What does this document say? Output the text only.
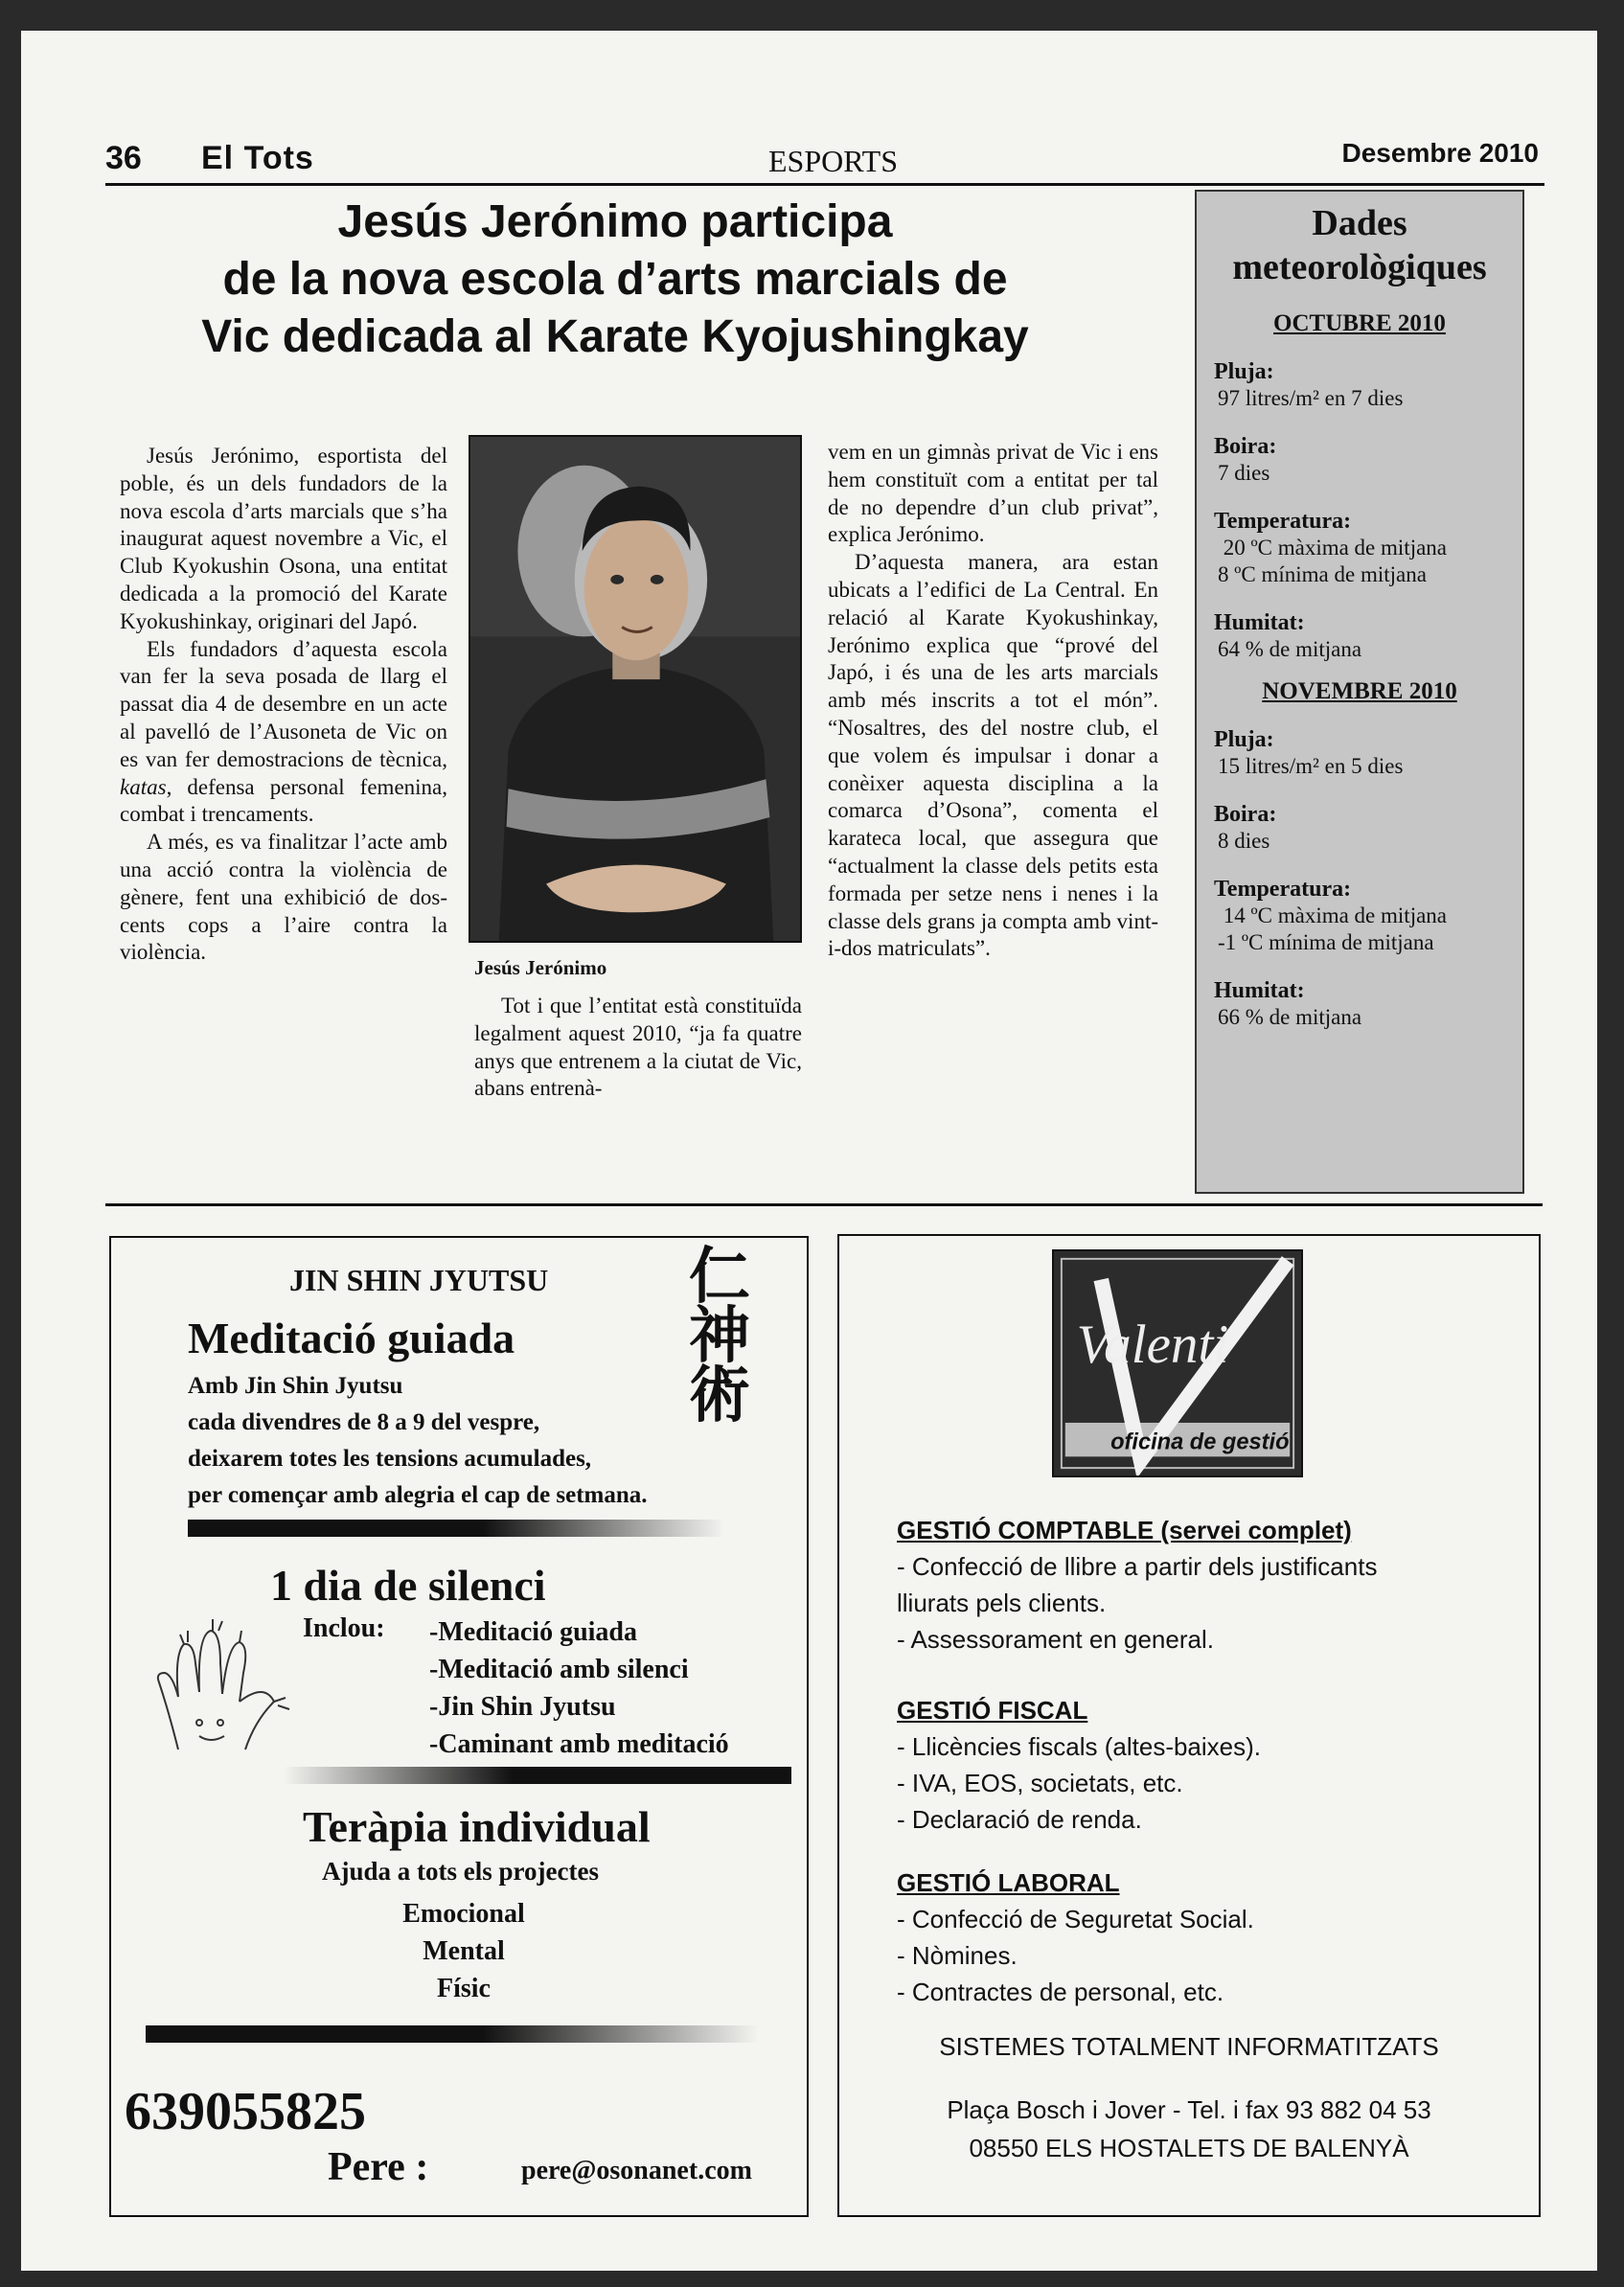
36 El Tots	ESPORTS	Desembre 2010
Jesús Jerónimo participa
de la nova escola d’arts marcials de
Vic dedicada al Karate Kyojushingkay

Jesús Jerónimo, esportista del poble, és un dels fundadors de la nova escola d’arts marcials que s’ha inaugurat aquest novembre a Vic, el Club Kyokushin Osona, una entitat dedicada a la promoció del Karate Kyokushinkay, originari del Japó.

Els fundadors d’aquesta escola van fer la seva posada de llarg el passat dia 4 de desembre en un acte al pavelló de l’Ausoneta de Vic on es van fer demostracions de tècnica, katas, defensa personal femenina, combat i trencaments.

A més, es va finalitzar l’acte amb una acció contra la violència de gènere, fent una exhibició de dos-cents cops a l’aire contra la violència.

Jesús Jerónimo

Tot i que l’entitat està constituïda legalment aquest 2010, “ja fa quatre anys que entrenem a la ciutat de Vic, abans entrenà-

vem en un gimnàs privat de Vic i ens hem constituït com a entitat per tal de no dependre d’un club privat”, explica Jerónimo.

D’aquesta manera, ara estan ubicats a l’edifici de La Central. En relació al Karate Kyokushinkay, Jerónimo explica que “prové del Japó, i és una de les arts marcials amb més inscrits a tot el món”. “Nosaltres, des del nostre club, el que volem és impulsar i donar a conèixer aquesta disciplina a la comarca d’Osona”, comenta el karateca local, que assegura que “actualment la classe dels petits esta formada per setze nens i nenes i la classe dels grans ja compta amb vint-i-dos matriculats”.

Dades
meteorològiques
OCTUBRE 2010
Pluja:
97 litres/m² en 7 dies
Boira:
7 dies
Temperatura:
20 ºC màxima de mitjana
8 ºC mínima de mitjana
Humitat:
64 % de mitjana
NOVEMBRE 2010
Pluja:
15 litres/m² en 5 dies
Boira:
8 dies
Temperatura:
14 ºC màxima de mitjana
-1 ºC mínima de mitjana
Humitat:
66 % de mitjana
JIN SHIN JYUTSU 仁
神
術
Meditació guiada
Amb Jin Shin Jyutsu
cada divendres de 8 a 9 del vespre,
deixarem totes les tensions acumulades,
per començar amb alegria el cap de setmana.
1 dia de silenci
Inclou: -Meditació guiada
-Meditació amb silenci
-Jin Shin Jyutsu
-Caminant amb meditació
Teràpia individual
Ajuda a tots els projectes
Emocional
Mental
Físic
639055825
Pere :	pere@osonanet.com
Valenti
oficina de gestió
GESTIÓ COMPTABLE (servei complet)
- Confecció de llibre a partir dels justificants
lliurats pels clients.
- Assessorament en general.
GESTIÓ FISCAL
- Llicències fiscals (altes-baixes).
- IVA, EOS, societats, etc.
- Declaració de renda.
GESTIÓ LABORAL
- Confecció de Seguretat Social.
- Nòmines.
- Contractes de personal, etc.
SISTEMES TOTALMENT INFORMATITZATS
Plaça Bosch i Jover - Tel. i fax 93 882 04 53
08550 ELS HOSTALETS DE BALENYÀ
